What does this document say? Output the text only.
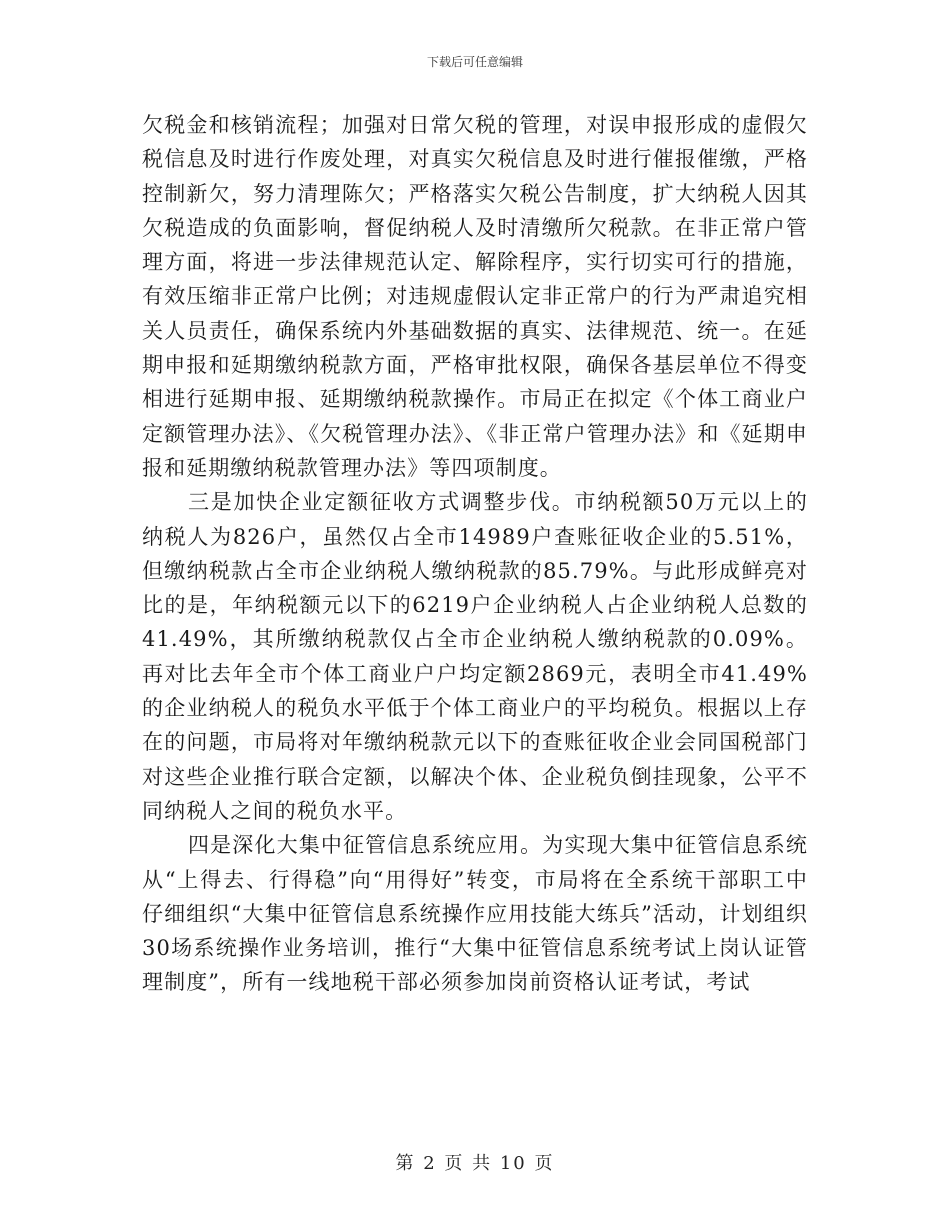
下载后可任意编辑

欠税金和核销流程；加强对日常欠税的管理，对误申报形成的虚假欠税信息及时进行作废处理，对真实欠税信息及时进行催报催缴，严格控制新欠，努力清理陈欠；严格落实欠税公告制度，扩大纳税人因其欠税造成的负面影响，督促纳税人及时清缴所欠税款。在非正常户管理方面，将进一步法律规范认定、解除程序，实行切实可行的措施，有效压缩非正常户比例；对违规虚假认定非正常户的行为严肃追究相关人员责任，确保系统内外基础数据的真实、法律规范、统一。在延期申报和延期缴纳税款方面，严格审批权限，确保各基层单位不得变相进行延期申报、延期缴纳税款操作。市局正在拟定《个体工商业户定额管理办法》、《欠税管理办法》、《非正常户管理办法》和《延期申报和延期缴纳税款管理办法》等四项制度。

三是加快企业定额征收方式调整步伐。市纳税额50万元以上的纳税人为826户，虽然仅占全市14989户查账征收企业的5.51%，但缴纳税款占全市企业纳税人缴纳税款的85.79%。与此形成鲜亮对比的是，年纳税额元以下的6219户企业纳税人占企业纳税人总数的41.49%，其所缴纳税款仅占全市企业纳税人缴纳税款的0.09%。再对比去年全市个体工商业户户均定额2869元，表明全市41.49%的企业纳税人的税负水平低于个体工商业户的平均税负。根据以上存在的问题，市局将对年缴纳税款元以下的查账征收企业会同国税部门对这些企业推行联合定额，以解决个体、企业税负倒挂现象，公平不同纳税人之间的税负水平。

四是深化大集中征管信息系统应用。为实现大集中征管信息系统从“上得去、行得稳”向“用得好”转变，市局将在全系统干部职工中仔细组织“大集中征管信息系统操作应用技能大练兵”活动，计划组织30场系统操作业务培训，推行“大集中征管信息系统考试上岗认证管理制度”，所有一线地税干部必须参加岗前资格认证考试，考试

第 2 页 共 10 页
